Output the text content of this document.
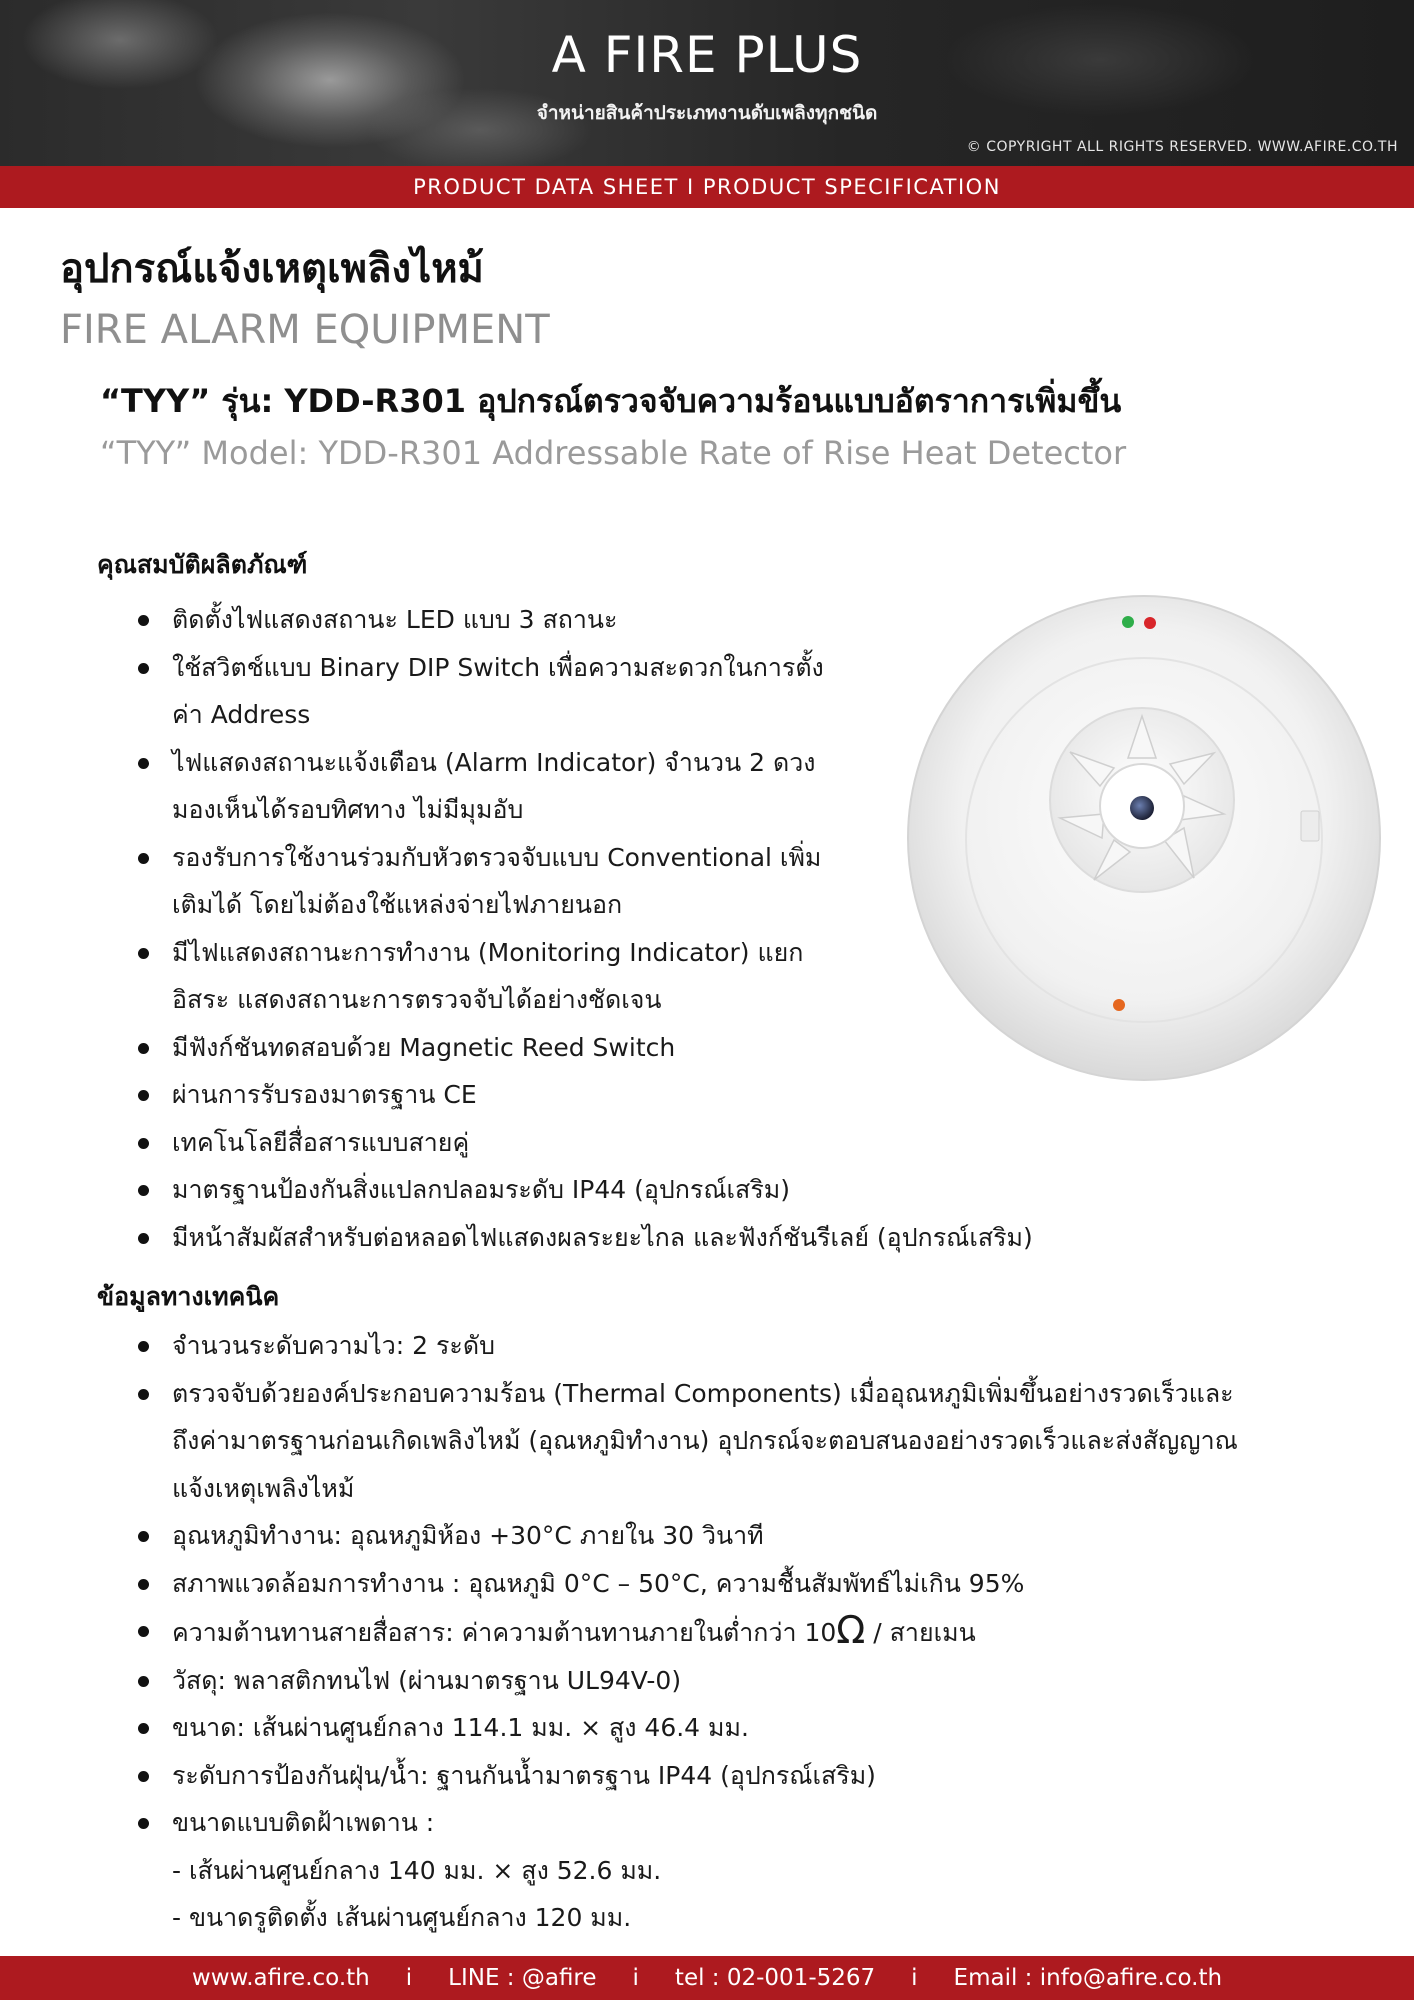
A FIRE PLUS
จำหน่ายสินค้าประเภทงานดับเพลิงทุกชนิด
© COPYRIGHT ALL RIGHTS RESERVED. WWW.AFIRE.CO.TH
PRODUCT DATA SHEET I PRODUCT SPECIFICATION
อุปกรณ์แจ้งเหตุเพลิงไหม้
FIRE ALARM EQUIPMENT
“TYY” รุ่น: YDD-R301 อุปกรณ์ตรวจจับความร้อนแบบอัตราการเพิ่มขึ้น
“TYY” Model: YDD-R301 Addressable Rate of Rise Heat Detector
คุณสมบัติผลิตภัณฑ์
ติดตั้งไฟแสดงสถานะ LED แบบ 3 สถานะ
ใช้สวิตช์แบบ Binary DIP Switch เพื่อความสะดวกในการตั้ง
ค่า Address
ไฟแสดงสถานะแจ้งเตือน (Alarm Indicator) จำนวน 2 ดวง
มองเห็นได้รอบทิศทาง ไม่มีมุมอับ
รองรับการใช้งานร่วมกับหัวตรวจจับแบบ Conventional เพิ่ม
เติมได้ โดยไม่ต้องใช้แหล่งจ่ายไฟภายนอก
มีไฟแสดงสถานะการทำงาน (Monitoring Indicator) แยก
อิสระ แสดงสถานะการตรวจจับได้อย่างชัดเจน
มีฟังก์ชันทดสอบด้วย Magnetic Reed Switch
ผ่านการรับรองมาตรฐาน CE
เทคโนโลยีสื่อสารแบบสายคู่
มาตรฐานป้องกันสิ่งแปลกปลอมระดับ IP44 (อุปกรณ์เสริม)
มีหน้าสัมผัสสำหรับต่อหลอดไฟแสดงผลระยะไกล และฟังก์ชันรีเลย์ (อุปกรณ์เสริม)
ข้อมูลทางเทคนิค
จำนวนระดับความไว: 2 ระดับ
ตรวจจับด้วยองค์ประกอบความร้อน (Thermal Components) เมื่ออุณหภูมิเพิ่มขึ้นอย่างรวดเร็วและ
ถึงค่ามาตรฐานก่อนเกิดเพลิงไหม้ (อุณหภูมิทำงาน) อุปกรณ์จะตอบสนองอย่างรวดเร็วและส่งสัญญาณ
แจ้งเหตุเพลิงไหม้
อุณหภูมิทำงาน: อุณหภูมิห้อง +30°C ภายใน 30 วินาที
สภาพแวดล้อมการทำงาน : อุณหภูมิ 0°C – 50°C, ความชื้นสัมพัทธ์ไม่เกิน 95%
ความต้านทานสายสื่อสาร: ค่าความต้านทานภายในต่ำกว่า 10Ω / สายเมน
วัสดุ: พลาสติกทนไฟ (ผ่านมาตรฐาน UL94V-0)
ขนาด: เส้นผ่านศูนย์กลาง 114.1 มม. × สูง 46.4 มม.
ระดับการป้องกันฝุ่น/น้ำ: ฐานกันน้ำมาตรฐาน IP44 (อุปกรณ์เสริม)
ขนาดแบบติดฝ้าเพดาน :
- เส้นผ่านศูนย์กลาง 140 มม. × สูง 52.6 มม.
- ขนาดรูติดตั้ง เส้นผ่านศูนย์กลาง 120 มม.
www.afire.co.th i LINE : @afire i tel : 02-001-5267 i Email : info@afire.co.th
